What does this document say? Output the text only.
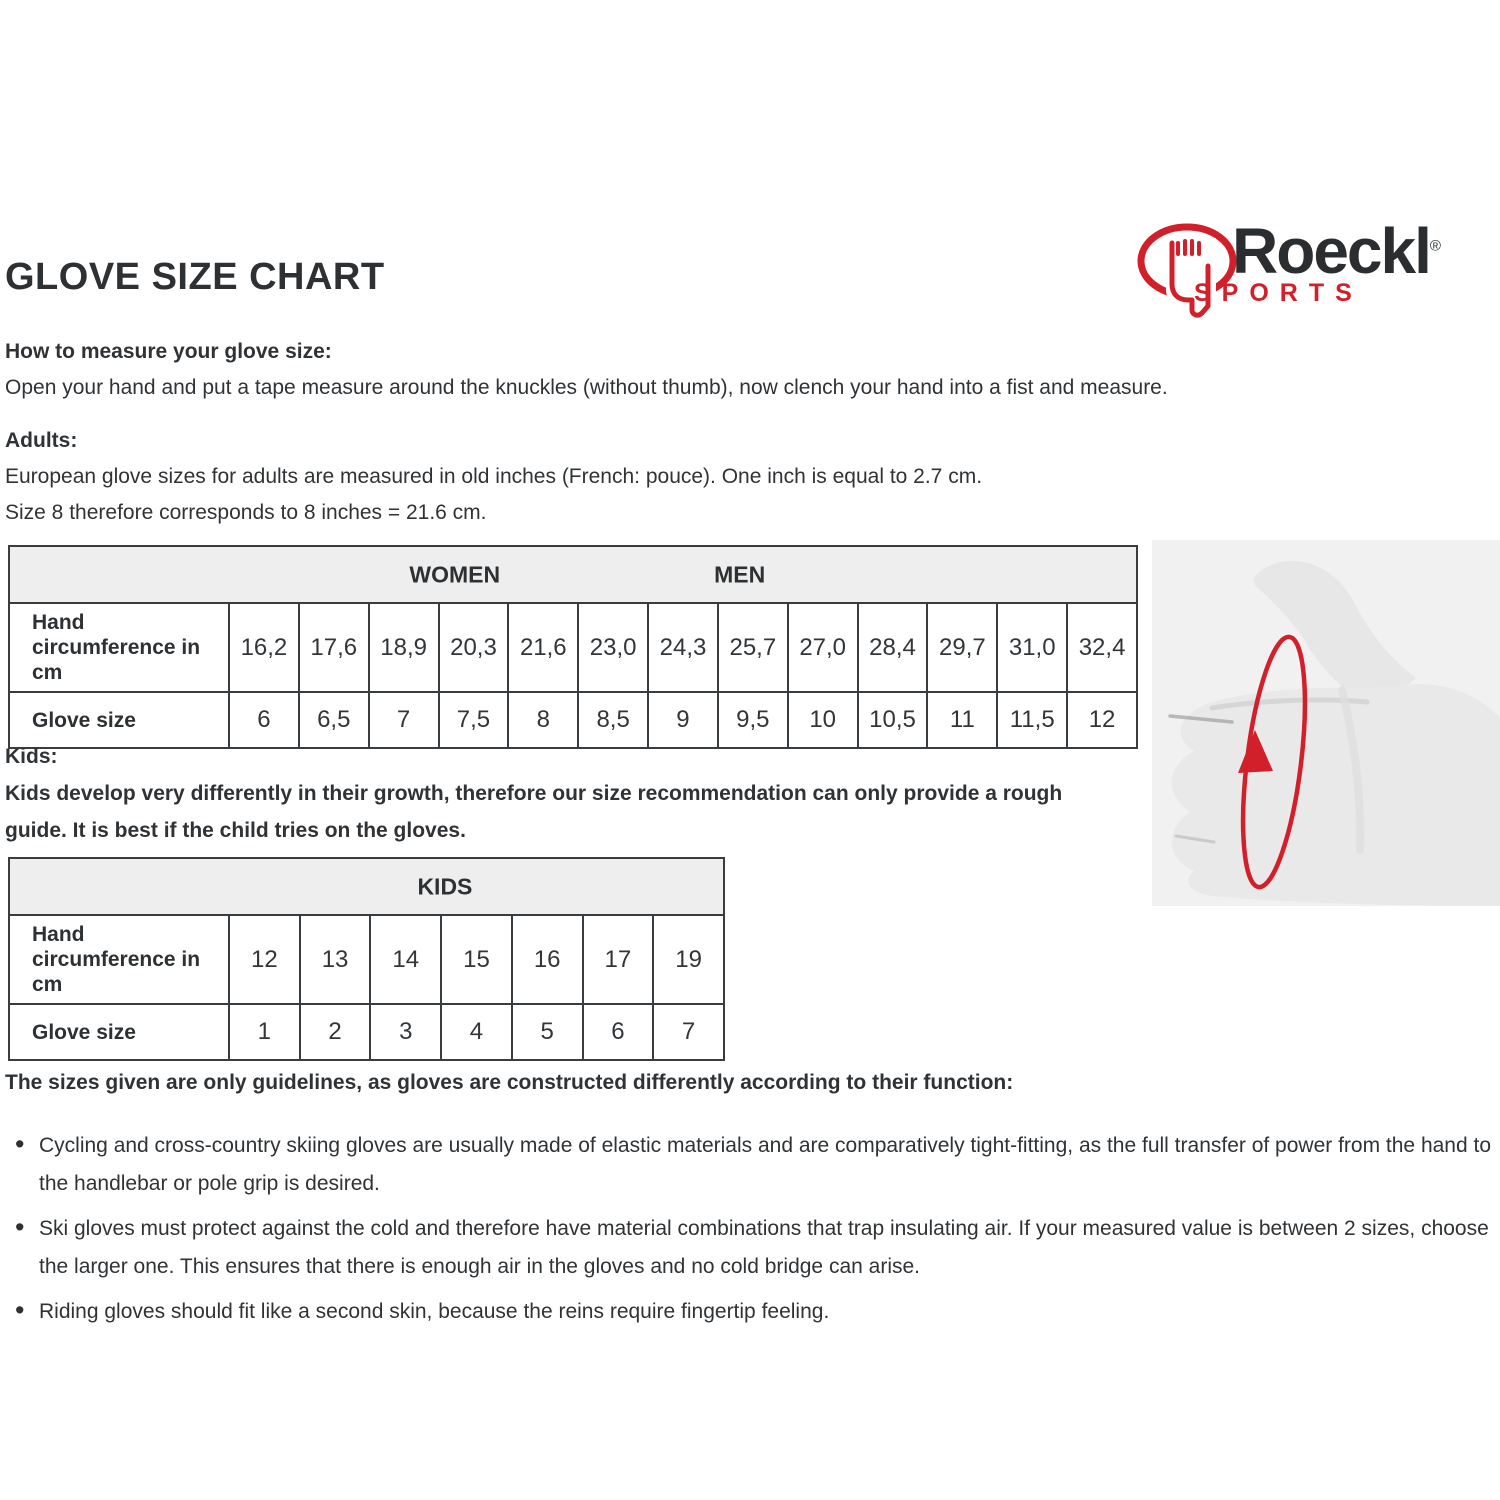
Roeckl®
SPORTS
GLOVE SIZE CHART
How to measure your glove size:

Open your hand and put a tape measure around the knuckles (without thumb), now clench your hand into a fist and measure.

Adults:

European glove sizes for adults are measured in old inches (French: pouce). One inch is equal to 2.7 cm.

Size 8 therefore corresponds to 8 inches = 21.6 cm.

WOMEN MEN													

Hand circumference in cm	16,2	17,6	18,9	20,3	21,6	23,0	24,3	25,7	27,0	28,4	29,7	31,0	32,4
Glove size	6	6,5	7	7,5	8	8,5	9	9,5	10	10,5	11	11,5	12
Kids:

Kids develop very differently in their growth, therefore our size recommendation can only provide a rough guide. It is best if the child tries on the gloves.

KIDS							

Hand circumference in cm	12	13	14	15	16	17	19
Glove size	1	2	3	4	5	6	7
The sizes given are only guidelines, as gloves are constructed differently according to their function:
• Cycling and cross-country skiing gloves are usually made of elastic materials and are comparatively tight-fitting, as the full transfer of power from the hand to the handlebar or pole grip is desired.
• Ski gloves must protect against the cold and therefore have material combinations that trap insulating air. If your measured value is between 2 sizes, choose the larger one. This ensures that there is enough air in the gloves and no cold bridge can arise.
• Riding gloves should fit like a second skin, because the reins require fingertip feeling.
